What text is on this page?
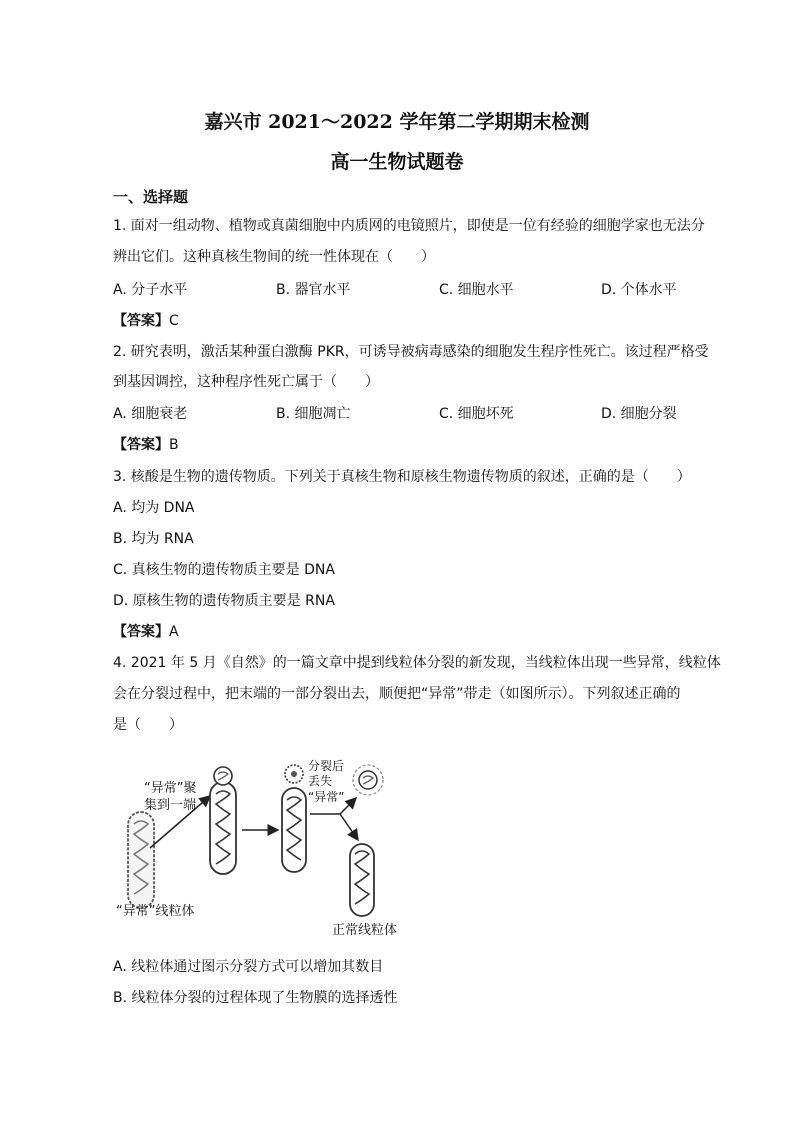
嘉兴市 2021～2022 学年第二学期期末检测
高一生物试题卷
一、选择题
1. 面对一组动物、植物或真菌细胞中内质网的电镜照片，即使是一位有经验的细胞学家也无法分
辨出它们。这种真核生物间的统一性体现在（　　）
A. 分子水平	B. 器官水平	C. 细胞水平	D. 个体水平
【答案】C
2. 研究表明，激活某种蛋白激酶 PKR，可诱导被病毒感染的细胞发生程序性死亡。该过程严格受
到基因调控，这种程序性死亡属于（　　）
A. 细胞衰老	B. 细胞凋亡	C. 细胞坏死	D. 细胞分裂
【答案】B
3. 核酸是生物的遗传物质。下列关于真核生物和原核生物遗传物质的叙述，正确的是（　　）
A. 均为 DNA
B. 均为 RNA
C. 真核生物的遗传物质主要是 DNA
D. 原核生物的遗传物质主要是 RNA
【答案】A
4. 2021 年 5 月《自然》的一篇文章中提到线粒体分裂的新发现，当线粒体出现一些异常，线粒体
会在分裂过程中，把末端的一部分裂出去，顺便把“异常”带走（如图所示）。下列叙述正确的
是（　　）
“异常”线粒体
“异常”聚
集到一端
分裂后
丢失
“异常”
正常线粒体
A. 线粒体通过图示分裂方式可以增加其数目
B. 线粒体分裂的过程体现了生物膜的选择透性
